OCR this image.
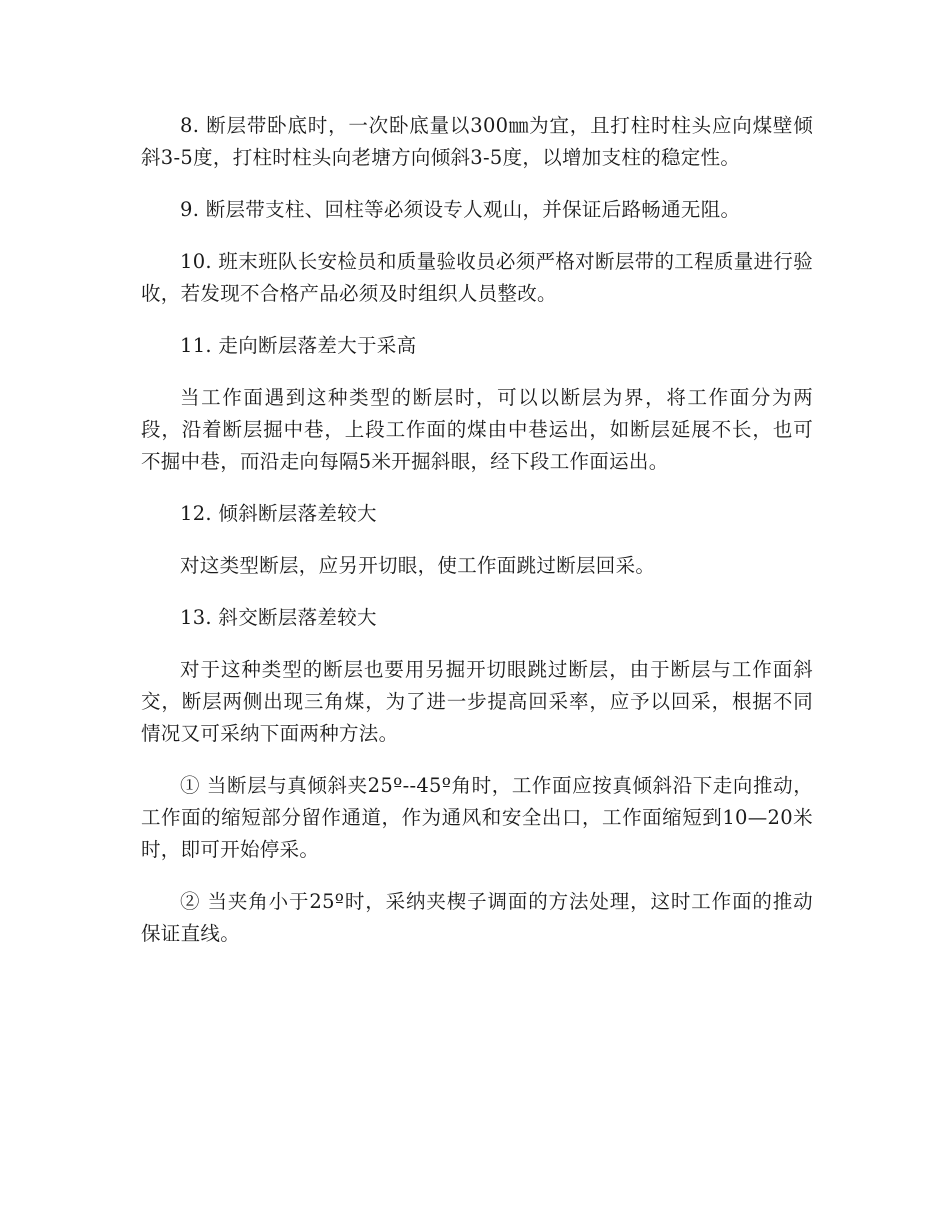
8. 断层带卧底时，一次卧底量以300㎜为宜，且打柱时柱头应向煤壁倾斜3-5度，打柱时柱头向老塘方向倾斜3-5度，以增加支柱的稳定性。

9. 断层带支柱、回柱等必须设专人观山，并保证后路畅通无阻。

10. 班末班队长安检员和质量验收员必须严格对断层带的工程质量进行验收，若发现不合格产品必须及时组织人员整改。

11. 走向断层落差大于采高

当工作面遇到这种类型的断层时，可以以断层为界，将工作面分为两段，沿着断层掘中巷，上段工作面的煤由中巷运出，如断层延展不长，也可不掘中巷，而沿走向每隔5米开掘斜眼，经下段工作面运出。

12. 倾斜断层落差较大

对这类型断层，应另开切眼，使工作面跳过断层回采。

13. 斜交断层落差较大

对于这种类型的断层也要用另掘开切眼跳过断层，由于断层与工作面斜交，断层两侧出现三角煤，为了进一步提高回采率，应予以回采，根据不同情况又可采纳下面两种方法。

① 当断层与真倾斜夹25º--45º角时，工作面应按真倾斜沿下走向推动，工作面的缩短部分留作通道，作为通风和安全出口，工作面缩短到10—20米时，即可开始停采。

② 当夹角小于25º时，采纳夹楔子调面的方法处理，这时工作面的推动保证直线。
